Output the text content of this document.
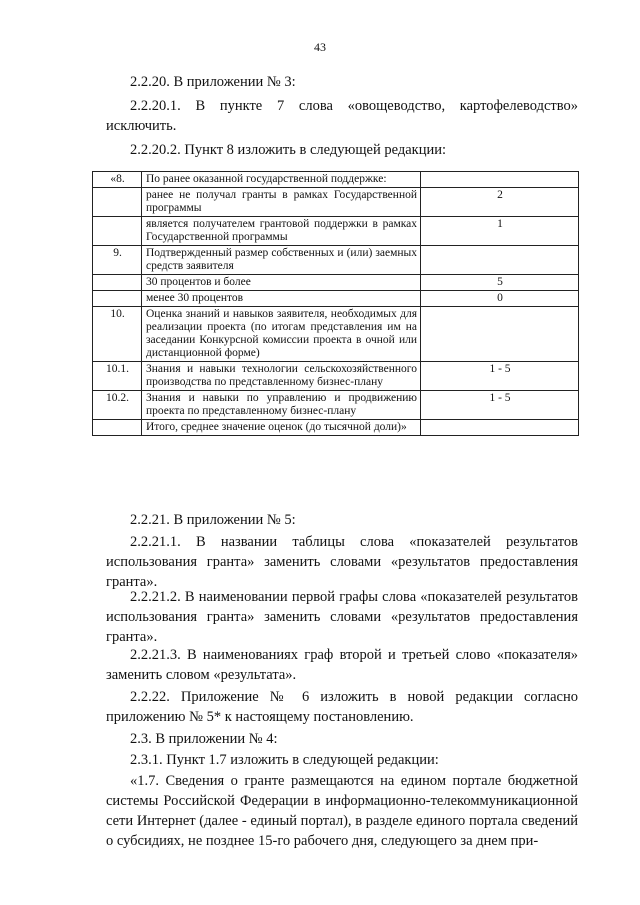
43
2.2.20. В приложении № 3:
2.2.20.1. В пункте 7 слова «овощеводство, картофелеводство» исключить.
2.2.20.2. Пункт 8 изложить в следующей редакции:
«8.	По ранее оказанной государственной поддержке:	
	ранее не получал гранты в рамках Государственной программы	2
	является получателем грантовой поддержки в рамках Государственной программы	1
9.	Подтвержденный размер собственных и (или) заемных средств заявителя	
	30 процентов и более	5
	менее 30 процентов	0
10.	Оценка знаний и навыков заявителя, необходимых для реализации проекта (по итогам представления им на заседании Конкурсной комиссии проекта в очной или дистанционной форме)	
10.1.	Знания и навыки технологии сельскохозяйственного производства по представленному бизнес-плану	1 - 5
10.2.	Знания и навыки по управлению и продвижению проекта по представленному бизнес-плану	1 - 5
	Итого, среднее значение оценок (до тысячной доли)»	
2.2.21. В приложении № 5:
2.2.21.1. В названии таблицы слова «показателей результатов использования гранта» заменить словами «результатов предоставления гранта».
2.2.21.2. В наименовании первой графы слова «показателей результатов использования гранта» заменить словами «результатов предоставления гранта».
2.2.21.3. В наименованиях граф второй и третьей слово «показателя» заменить словом «результата».
2.2.22. Приложение № 6 изложить в новой редакции согласно приложению № 5* к настоящему постановлению.
2.3. В приложении № 4:
2.3.1. Пункт 1.7 изложить в следующей редакции:
«1.7. Сведения о гранте размещаются на едином портале бюджетной системы Российской Федерации в информационно-телекоммуникационной сети Интернет (далее - единый портал), в разделе единого портала сведений о субсидиях, не позднее 15-го рабочего дня, следующего за днем при-
